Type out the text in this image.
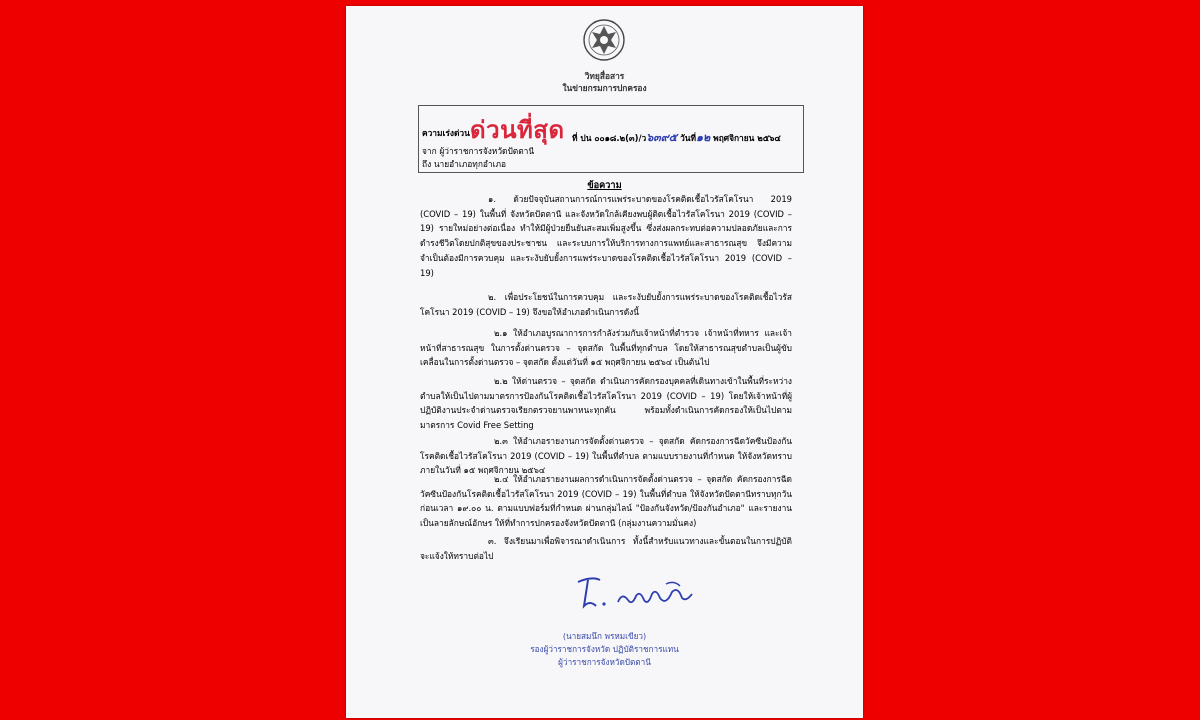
วิทยุสื่อสาร
ในข่ายกรมการปกครอง
ความเร่งด่วน ด่วนที่สุด ที่ ปน ๐๐๑๘.๒(๓)/ว๖๓๙๕ วันที่๑๒ พฤศจิกายน ๒๕๖๔
จาก ผู้ว่าราชการจังหวัดปัตตานี
ถึง นายอำเภอทุกอำเภอ
ข้อความ
๑. ด้วยปัจจุบันสถานการณ์การแพร่ระบาดของโรคติดเชื้อไวรัสโคโรนา 2019 (COVID – 19) ในพื้นที่ จังหวัดปัตตานี และจังหวัดใกล้เคียงพบผู้ติดเชื้อไวรัสโคโรนา 2019 (COVID – 19) รายใหม่อย่างต่อเนื่อง ทำให้มีผู้ป่วยยืนยันสะสมเพิ่มสูงขึ้น ซึ่งส่งผลกระทบต่อความปลอดภัยและการดำรงชีวิตโดยปกติสุขของประชาชน และระบบการให้บริการทางการแพทย์และสาธารณสุข จึงมีความจำเป็นต้องมีการควบคุม และระงับยับยั้งการแพร่ระบาดของโรคติดเชื้อไวรัสโคโรนา 2019 (COVID – 19)
๒. เพื่อประโยชน์ในการควบคุม และระงับยับยั้งการแพร่ระบาดของโรคติดเชื้อไวรัสโคโรนา 2019 (COVID – 19) จึงขอให้อำเภอดำเนินการดังนี้
๒.๑ ให้อำเภอบูรณาการการกำลังร่วมกับเจ้าหน้าที่ตำรวจ เจ้าหน้าที่ทหาร และเจ้าหน้าที่สาธารณสุข ในการตั้งด่านตรวจ – จุดสกัด ในพื้นที่ทุกตำบล โดยให้สาธารณสุขตำบลเป็นผู้ขับเคลื่อนในการตั้งด่านตรวจ – จุดสกัด ตั้งแต่วันที่ ๑๕ พฤศจิกายน ๒๕๖๔ เป็นต้นไป
๒.๒ ให้ด่านตรวจ – จุดสกัด ดำเนินการคัดกรองบุคคลที่เดินทางเข้าในพื้นที่ระหว่างตำบลให้เป็นไปตามมาตรการป้องกันโรคติดเชื้อไวรัสโคโรนา 2019 (COVID – 19) โดยให้เจ้าหน้าที่ผู้ปฏิบัติงานประจำด่านตรวจเรียกตรวจยานพาหนะทุกคัน พร้อมทั้งดำเนินการคัดกรองให้เป็นไปตามมาตรการ Covid Free Setting
๒.๓ ให้อำเภอรายงานการจัดตั้งด่านตรวจ – จุดสกัด คัดกรองการฉีดวัคซีนป้องกันโรคติดเชื้อไวรัสโคโรนา 2019 (COVID – 19) ในพื้นที่ตำบล ตามแบบรายงานที่กำหนด ให้จังหวัดทราบภายในวันที่ ๑๕ พฤศจิกายน ๒๕๖๔
๒.๔ ให้อำเภอรายงานผลการดำเนินการจัดตั้งด่านตรวจ – จุดสกัด คัดกรองการฉีดวัคซีนป้องกันโรคติดเชื้อไวรัสโคโรนา 2019 (COVID – 19) ในพื้นที่ตำบล ให้จังหวัดปัตตานีทราบทุกวันก่อนเวลา ๑๙.๐๐ น. ตามแบบฟอร์มที่กำหนด ผ่านกลุ่มไลน์ "ป้องกันจังหวัด/ป้องกันอำเภอ" และรายงานเป็นลายลักษณ์อักษร ให้ที่ทำการปกครองจังหวัดปัตตานี (กลุ่มงานความมั่นคง)
๓. จึงเรียนมาเพื่อพิจารณาดำเนินการ ทั้งนี้สำหรับแนวทางและขั้นตอนในการปฏิบัติจะแจ้งให้ทราบต่อไป
(นายสมนึก พรหมเขียว)
รองผู้ว่าราชการจังหวัด ปฏิบัติราชการแทน
ผู้ว่าราชการจังหวัดปัตตานี
